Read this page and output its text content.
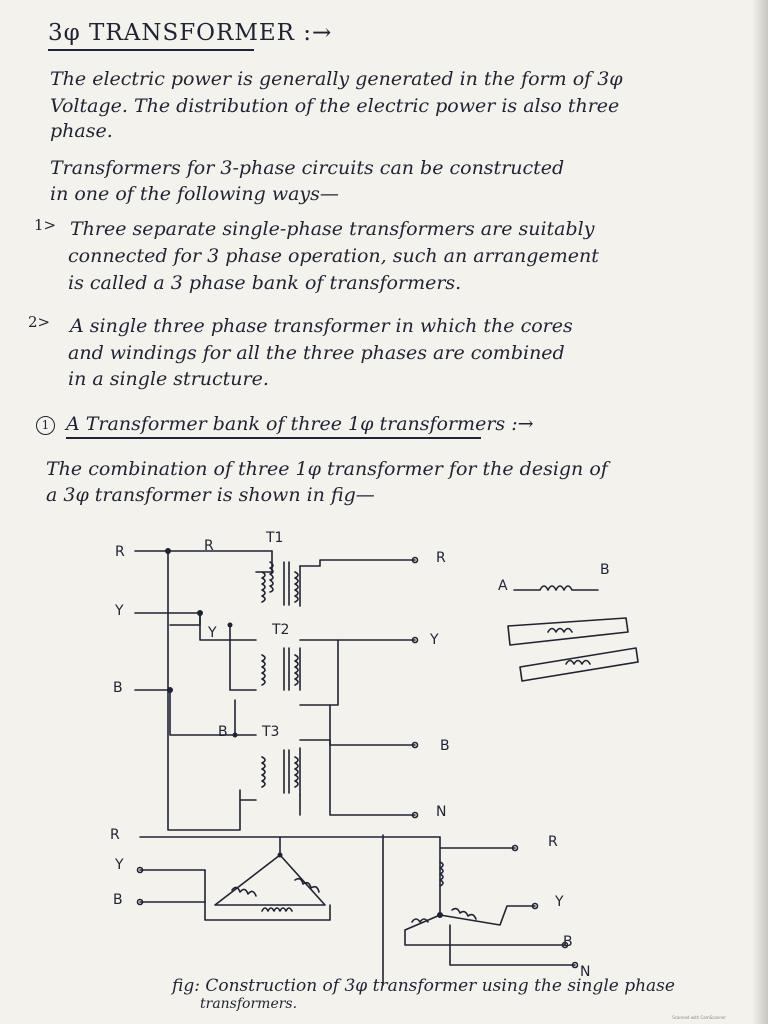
3φ TRANSFORMER :→
The electric power is generally generated in the form of 3φ
Voltage. The distribution of the electric power is also three
phase.
Transformers for 3-phase circuits can be constructed
in one of the following ways—
1> Three separate single-phase transformers are suitably
connected for 3 phase operation, such an arrangement
is called a 3 phase bank of transformers.
2> A single three phase transformer in which the cores
and windings for all the three phases are combined
in a single structure.
1 A Transformer bank of three 1φ transformers :→
The combination of three 1φ transformer for the design of
a 3φ transformer is shown in fig—
R	R	T1
R
Y
Y	T2
Y
B
B T3
B
N
A
B
R
Y
B
R
Y
B
N
fig: Construction of 3φ transformer using the single phase
transformers.
Scanned with CamScanner
